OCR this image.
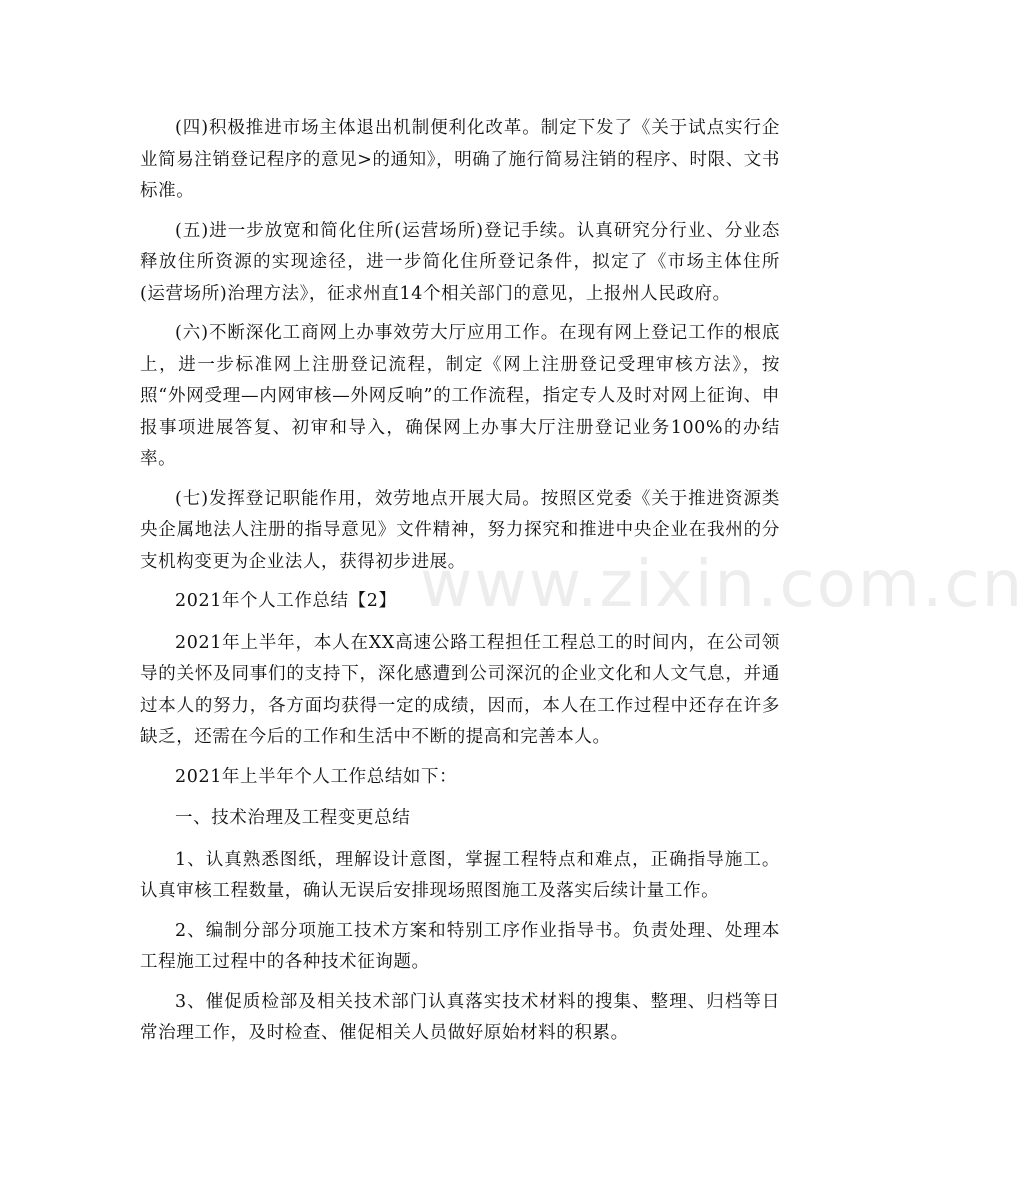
(四)积极推进市场主体退出机制便利化改革。制定下发了《关于试点实行企业简易注销登记程序的意见>的通知》，明确了施行简易注销的程序、时限、文书标准。

(五)进一步放宽和简化住所(运营场所)登记手续。认真研究分行业、分业态释放住所资源的实现途径，进一步简化住所登记条件，拟定了《市场主体住所(运营场所)治理方法》，征求州直14个相关部门的意见，上报州人民政府。

(六)不断深化工商网上办事效劳大厅应用工作。在现有网上登记工作的根底上，进一步标准网上注册登记流程，制定《网上注册登记受理审核方法》，按照“外网受理—内网审核—外网反响”的工作流程，指定专人及时对网上征询、申报事项进展答复、初审和导入，确保网上办事大厅注册登记业务100%的办结率。

(七)发挥登记职能作用，效劳地点开展大局。按照区党委《关于推进资源类央企属地法人注册的指导意见》文件精神，努力探究和推进中央企业在我州的分支机构变更为企业法人，获得初步进展。

2021年个人工作总结【2】

2021年上半年，本人在XX高速公路工程担任工程总工的时间内，在公司领导的关怀及同事们的支持下，深化感遭到公司深沉的企业文化和人文气息，并通过本人的努力，各方面均获得一定的成绩，因而，本人在工作过程中还存在许多缺乏，还需在今后的工作和生活中不断的提高和完善本人。

2021年上半年个人工作总结如下：

一、技术治理及工程变更总结

1、认真熟悉图纸，理解设计意图，掌握工程特点和难点，正确指导施工。认真审核工程数量，确认无误后安排现场照图施工及落实后续计量工作。

2、编制分部分项施工技术方案和特别工序作业指导书。负责处理、处理本工程施工过程中的各种技术征询题。

3、催促质检部及相关技术部门认真落实技术材料的搜集、整理、归档等日常治理工作，及时检查、催促相关人员做好原始材料的积累。

www.zixin.com.cn
